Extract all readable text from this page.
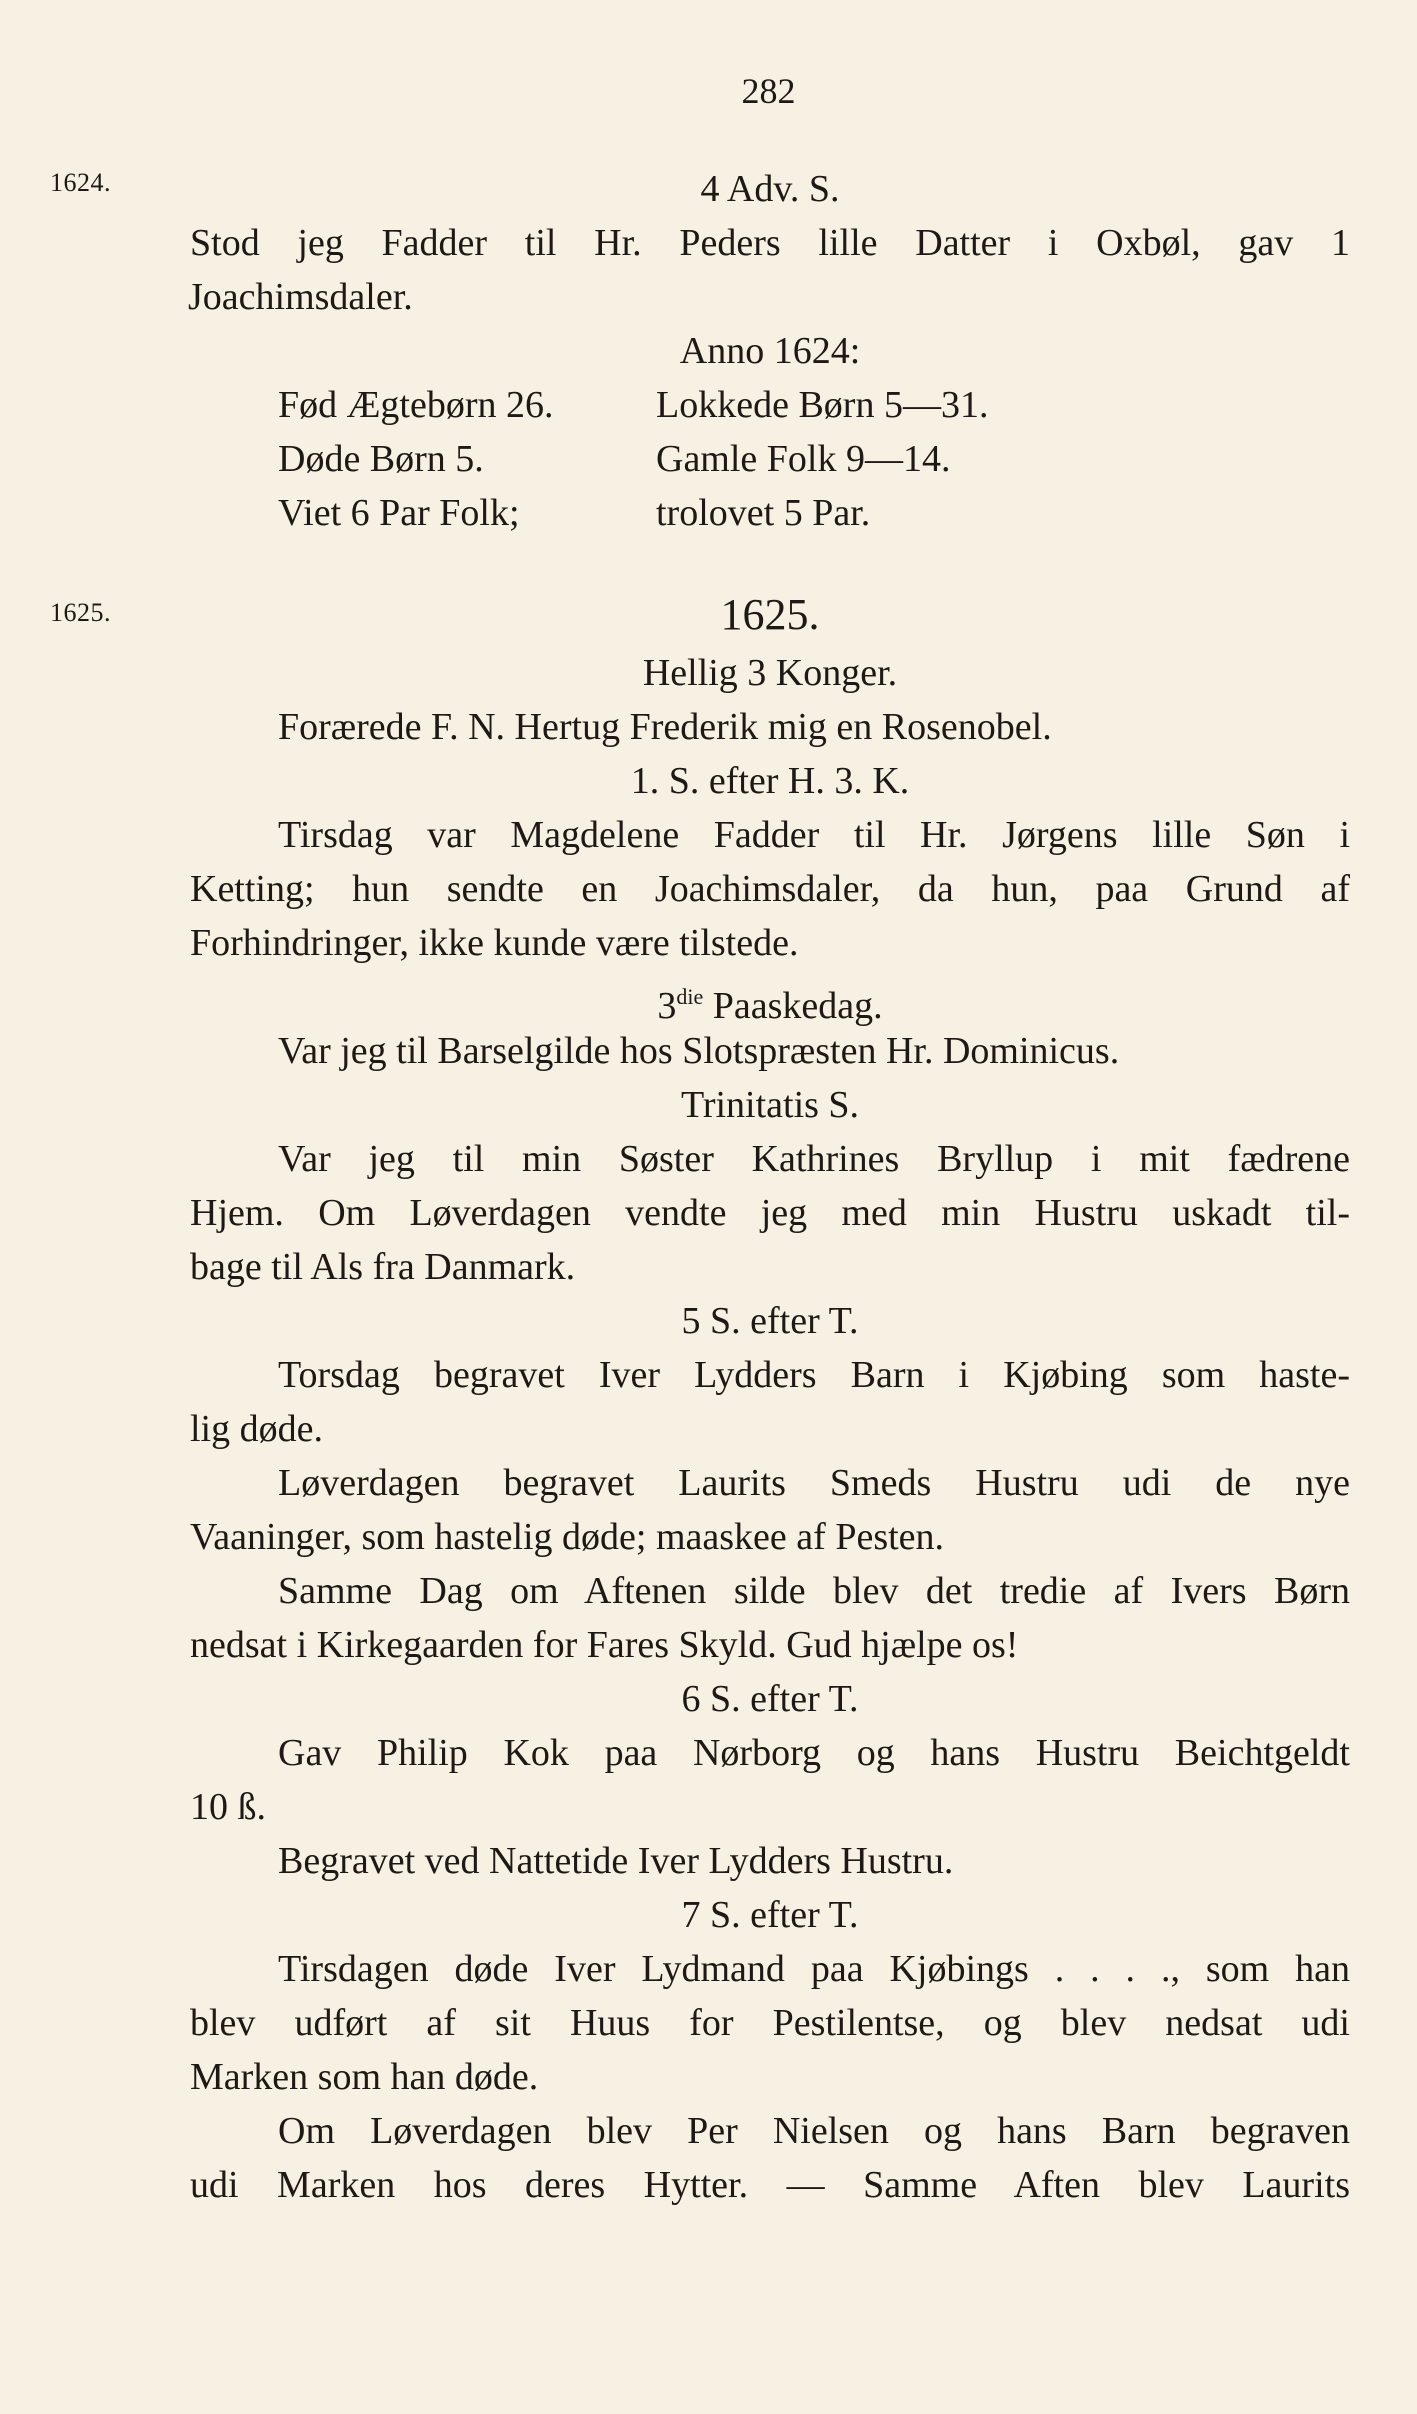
282
1624.
1625.
4 Adv. S.
Stod jeg Fadder til Hr. Peders lille Datter i Oxbøl, gav 1
Joachimsdaler.
Anno 1624:
Fød Ægtebørn 26.	Lokkede Børn 5—31.
Døde Børn 5.	Gamle Folk 9—14.
Viet 6 Par Folk;	trolovet 5 Par.
1625.
Hellig 3 Konger.
Forærede F. N. Hertug Frederik mig en Rosenobel.
1. S. efter H. 3. K.
Tirsdag var Magdelene Fadder til Hr. Jørgens lille Søn i
Ketting; hun sendte en Joachimsdaler, da hun, paa Grund af
Forhindringer, ikke kunde være tilstede.
$3^{die}$ Paaskedag.
Var jeg til Barselgilde hos Slotspræsten Hr. Dominicus.
Trinitatis S.
Var jeg til min Søster Kathrines Bryllup i mit fædrene
Hjem. Om Løverdagen vendte jeg med min Hustru uskadt til-
bage til Als fra Danmark.
5 S. efter T.
Torsdag begravet Iver Lydders Barn i Kjøbing som haste-
lig døde.
Løverdagen begravet Laurits Smeds Hustru udi de nye
Vaaninger, som hastelig døde; maaskee af Pesten.
Samme Dag om Aftenen silde blev det tredie af Ivers Børn
nedsat i Kirkegaarden for Fares Skyld. Gud hjælpe os!
6 S. efter T.
Gav Philip Kok paa Nørborg og hans Hustru Beichtgeldt
10 ß.
Begravet ved Nattetide Iver Lydders Hustru.
7 S. efter T.
Tirsdagen døde Iver Lydmand paa Kjøbings . . . ., som han
blev udført af sit Huus for Pestilentse, og blev nedsat udi
Marken som han døde.
Om Løverdagen blev Per Nielsen og hans Barn begraven
udi Marken hos deres Hytter. — Samme Aften blev Laurits
